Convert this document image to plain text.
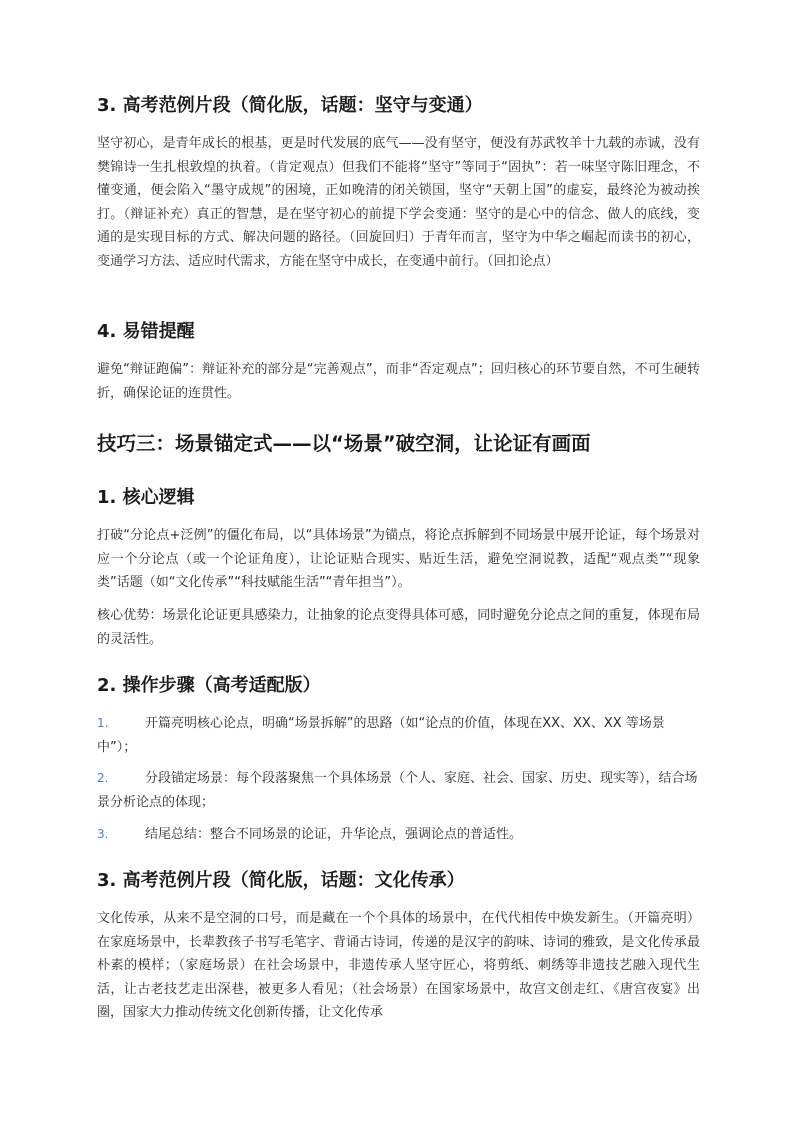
3. 高考范例片段（简化版，话题：坚守与变通）
坚守初心，是青年成长的根基，更是时代发展的底气——没有坚守，便没有苏武牧羊十九载的赤诚，没有樊锦诗一生扎根敦煌的执着。（肯定观点）但我们不能将“坚守”等同于“固执”：若一味坚守陈旧理念，不懂变通，便会陷入“墨守成规”的困境，正如晚清的闭关锁国，坚守“天朝上国”的虚妄，最终沦为被动挨打。（辩证补充）真正的智慧，是在坚守初心的前提下学会变通：坚守的是心中的信念、做人的底线，变通的是实现目标的方式、解决问题的路径。（回旋回归）于青年而言，坚守为中华之崛起而读书的初心，变通学习方法、适应时代需求，方能在坚守中成长，在变通中前行。（回扣论点）
4. 易错提醒
避免“辩证跑偏”：辩证补充的部分是“完善观点”，而非“否定观点”；回归核心的环节要自然，不可生硬转折，确保论证的连贯性。
技巧三：场景锚定式——以“场景”破空洞，让论证有画面
1. 核心逻辑
打破“分论点+泛例”的僵化布局，以“具体场景”为锚点，将论点拆解到不同场景中展开论证，每个场景对应一个分论点（或一个论证角度），让论证贴合现实、贴近生活，避免空洞说教，适配“观点类”“现象类”话题（如“文化传承”“科技赋能生活”“青年担当”）。
核心优势：场景化论证更具感染力，让抽象的论点变得具体可感，同时避免分论点之间的重复，体现布局的灵活性。
2. 操作步骤（高考适配版）
1.	开篇亮明核心论点，明确“场景拆解”的思路（如“论点的价值，体现在XX、XX、XX 等场景中”）；
2.	分段锚定场景：每个段落聚焦一个具体场景（个人、家庭、社会、国家、历史、现实等），结合场景分析论点的体现；
3.	结尾总结：整合不同场景的论证，升华论点，强调论点的普适性。
3. 高考范例片段（简化版，话题：文化传承）
文化传承，从来不是空洞的口号，而是藏在一个个具体的场景中，在代代相传中焕发新生。（开篇亮明）在家庭场景中，长辈教孩子书写毛笔字、背诵古诗词，传递的是汉字的韵味、诗词的雅致，是文化传承最朴素的模样；（家庭场景）在社会场景中，非遗传承人坚守匠心，将剪纸、刺绣等非遗技艺融入现代生活，让古老技艺走出深巷，被更多人看见；（社会场景）在国家场景中，故宫文创走红、《唐宫夜宴》出圈，国家大力推动传统文化创新传播，让文化传承
